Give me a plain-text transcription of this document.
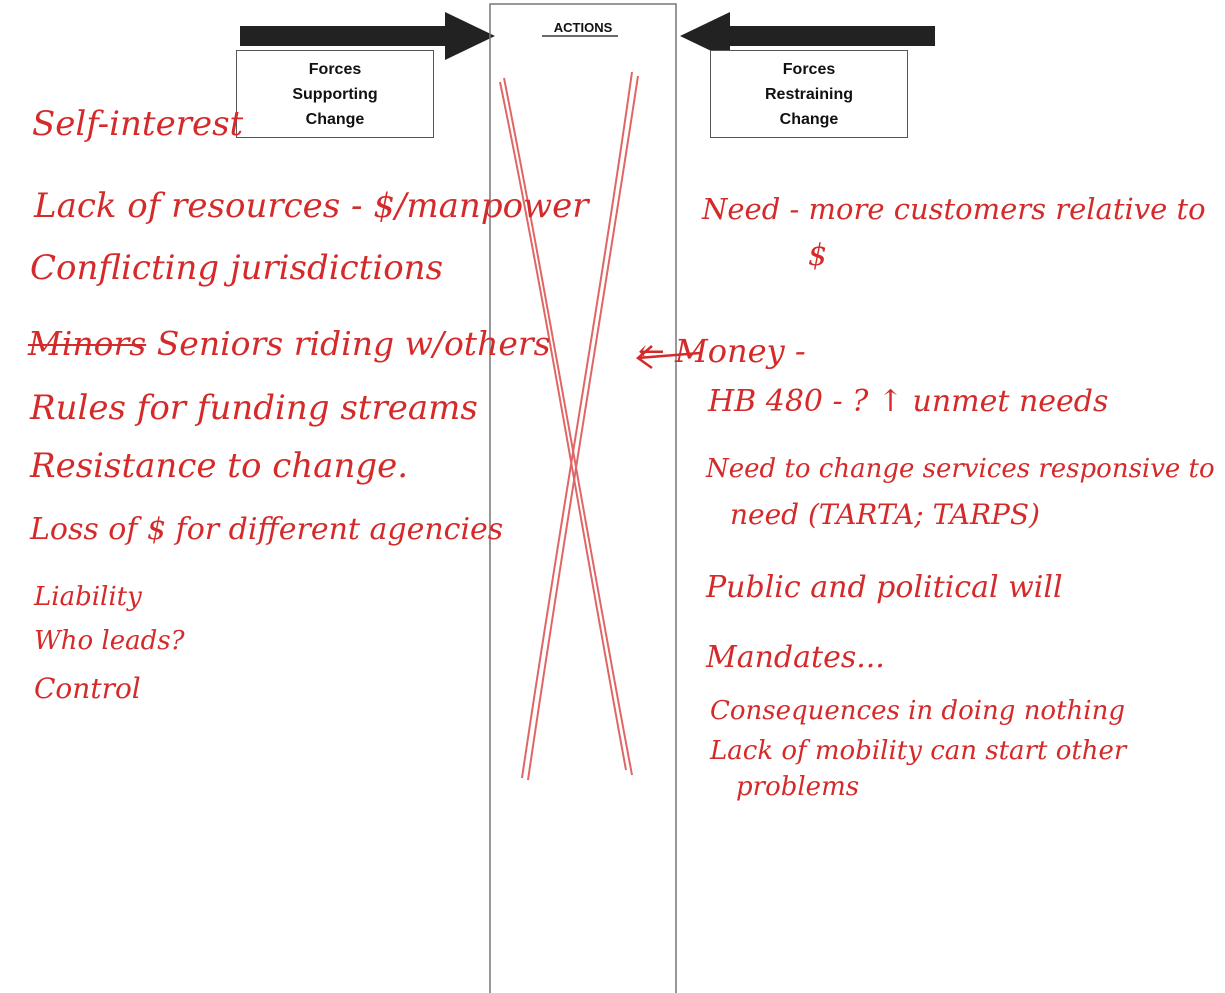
ACTIONS
Forces
Supporting
Change
Forces
Restraining
Change
Self-interest
Lack of resources - $/manpower
Conflicting jurisdictions
Minors Seniors riding w/others
Rules for funding streams
Resistance to change.
Loss of $ for different agencies
Liability
Who leads?
Control
Need - more customers relative to
$
← Money -
HB 480 - ? ↑ unmet needs
Need to change services responsive to
need (TARTA; TARPS)
Public and political will
Mandates...
Consequences in doing nothing
Lack of mobility can start other
problems
